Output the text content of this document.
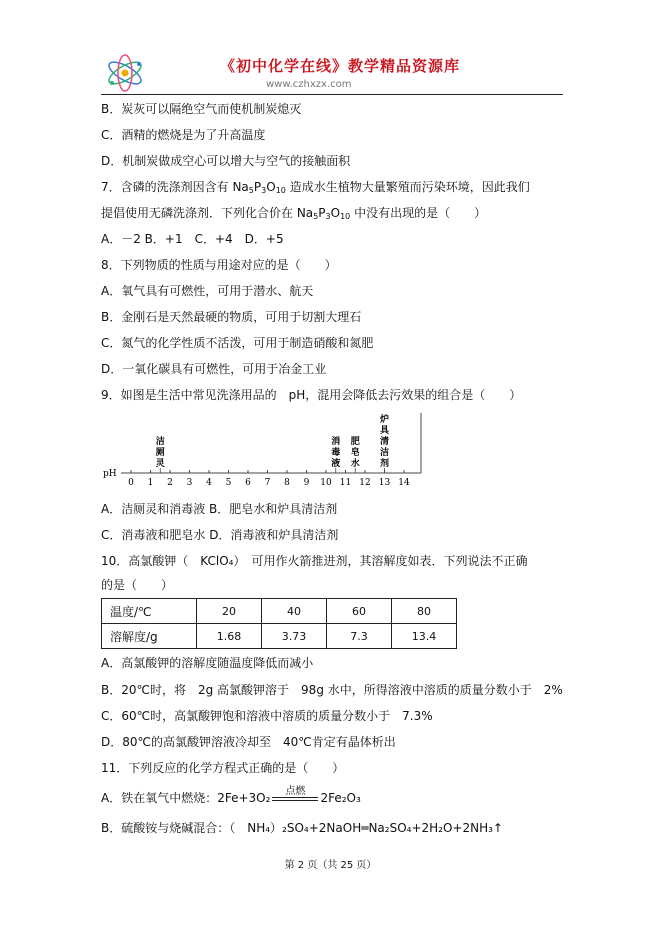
《初中化学在线》教学精品资源库
www.czhxzx.com
B．炭灰可以隔绝空气而使机制炭熄灭
C．酒精的燃烧是为了升高温度
D．机制炭做成空心可以增大与空气的接触面积
7．含磷的洗涤剂因含有 $Na_5P_3O_{10}$ 造成水生植物大量繁殖而污染环境，因此我们
提倡使用无磷洗涤剂．下列化合价在 $Na_5P_3O_{10}$ 中没有出现的是（　　）
A．－2 B．+1　C．+4　D．+5
8．下列物质的性质与用途对应的是（　　）
A．氧气具有可燃性，可用于潜水、航天
B．金刚石是天然最硬的物质，可用于切割大理石
C．氮气的化学性质不活泼，可用于制造硝酸和氮肥
D．一氧化碳具有可燃性，可用于冶金工业
9．如图是生活中常见洗涤用品的　pH，混用会降低去污效果的组合是（　　）
pH
0 1 2 3 4 5 6 7 8 9 10 11 12 13 14
洁
厕
灵
消
毒
液
肥
皂
水
炉
具
清
洁
剂
A．洁厕灵和消毒液 B．肥皂水和炉具清洁剂
C．消毒液和肥皂水 D．消毒液和炉具清洁剂
10．高氯酸钾（　KClO₄）　可用作火箭推进剂，其溶解度如表．下列说法不正确
的是（　　）
温度/℃	20	40	60	80
溶解度/g	1.68	3.73	7.3	13.4
A．高氯酸钾的溶解度随温度降低而减小
B．20℃时，将　2g 高氯酸钾溶于　98g 水中，所得溶液中溶质的质量分数小于　2%
C．60℃时，高氯酸钾饱和溶液中溶质的质量分数小于　7.3%
D．80℃的高氯酸钾溶液冷却至　40℃肯定有晶体析出
11．下列反应的化学方程式正确的是（　　）
A．铁在氧气中燃烧：2Fe+3O₂ 点燃 2Fe₂O₃
B．硫酸铵与烧碱混合：（　NH₄）₂SO₄+2NaOH═Na₂SO₄+2H₂O+2NH₃↑
第 2 页（共 25 页）
